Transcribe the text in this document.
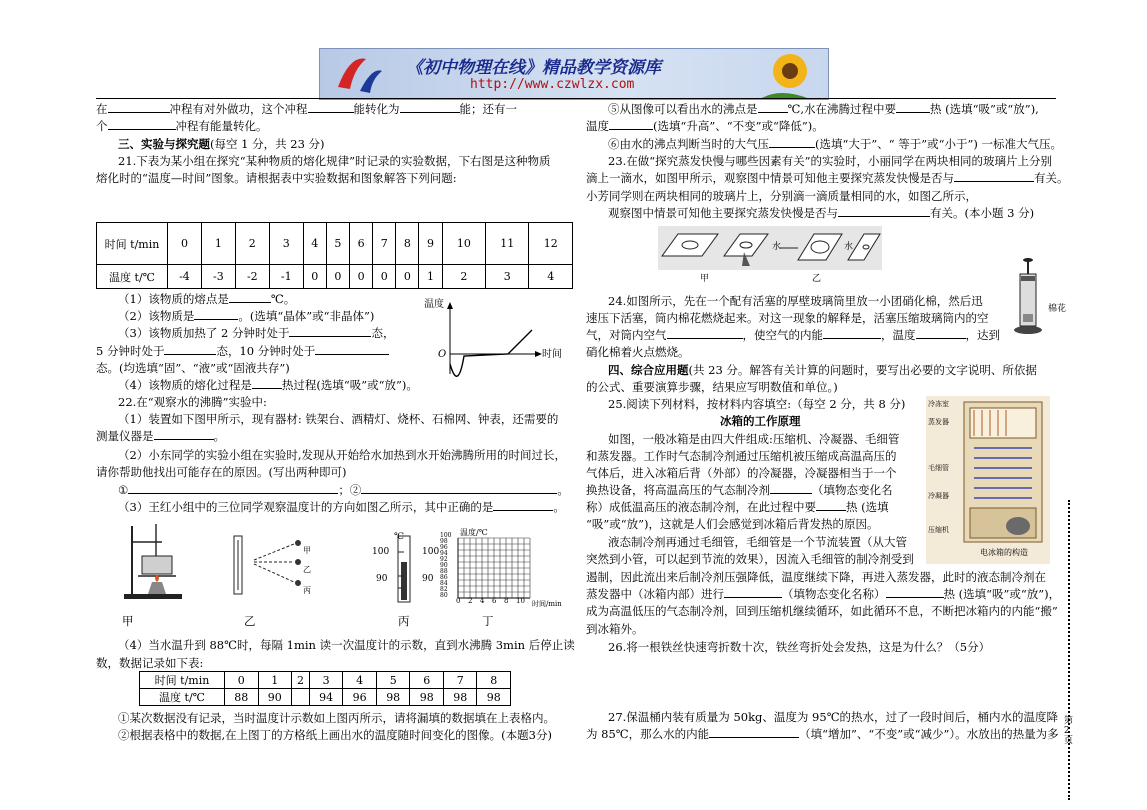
《初中物理在线》精品教学资源库
http://www.czwlzx.com
在	冲程有对外做功，这个冲程	能转化为	能；还有一
个	冲程有能量转化。
三、实验与探究题(每空 1 分，共 23 分)
21.下表为某小组在探究“某种物质的熔化规律”时记录的实验数据，下右图是这种物质
熔化时的“温度—时间”图象。请根据表中实验数据和图象解答下列问题:
时间 t/min	0	1	2	3	4	5	6	7	8	9	10	11	12
温度 t/℃	-4	-3	-2	-1	0	0	0	0	0	1	2	3	4
（1）该物质的熔点是	℃。
（2）该物质是	。(选填“晶体”或“非晶体”)
（3）该物质加热了 2 分钟时处于	态，
5 分钟时处于	态，10 分钟时处于
态。(均选填“固”、“液”或“固液共存”)
（4）该物质的熔化过程是	热过程(选填“吸”或“放”)。
温度
时间
O
22.在“观察水的沸腾”实验中:
（1）装置如下图甲所示，现有器材: 铁架台、酒精灯、烧杯、石棉网、钟表，还需要的
测量仪器是	。
（2）小东同学的实验小组在实验时,发现从开始给水加热到水开始沸腾所用的时间过长，
请你帮助他找出可能存在的原因。(写出两种即可)
①	；②	。
（3）王红小组中的三位同学观察温度计的方向如图乙所示，其中正确的是	。
甲
乙
丙
℃
100	100
90	90
温度/℃
时间/min
100
98
96
94
92
90
88
86
84
82
80
0 2 4 6 8 10
甲	乙	丙	丁
（4）当水温升到 88℃时，每隔 1min 读一次温度计的示数，直到水沸腾 3min 后停止读
数，数据记录如下表:
时间 t/min	0	1	2	3	4	5	6	7	8
温度 t/℃	88	90		94	96	98	98	98	98
①某次数据没有记录，当时温度计示数如上图丙所示，请将漏填的数据填在上表格内。
②根据表格中的数据,在上图丁的方格纸上画出水的温度随时间变化的图像。(本题3分)
⑤从图像可以看出水的沸点是	℃,水在沸腾过程中要	热 (选填“吸”或“放”),
温度	(选填“升高”、“不变”或“降低”)。
⑥由水的沸点判断当时的大气压	(选填“大于”、“ 等于”或“小于”) 一标准大气压。
23.在做“探究蒸发快慢与哪些因素有关”的实验时，小丽同学在两块相同的玻璃片上分别
滴上一滴水，如图甲所示，观察图中情景可知他主要探究蒸发快慢是否与	有关。
小芳同学则在两块相同的玻璃片上，分别滴一滴质量相同的水，如图乙所示，
观察图中情景可知他主要探究蒸发快慢是否与	有关。(本小题 3 分)
水	水
甲	乙
棉花
24.如图所示，先在一个配有活塞的厚壁玻璃筒里放一小团硝化棉，然后迅
速压下活塞，筒内棉花燃烧起来。对这一现象的解释是，活塞压缩玻璃筒内的空
气，对筒内空气	，使空气的内能	，温度	，达到
硝化棉着火点燃烧。
四、综合应用题(共 23 分。解答有关计算的问题时，要写出必要的文字说明、所依据
的公式、重要演算步骤，结果应写明数值和单位。)
25.阅读下列材料，按材料内容填空:（每空 2 分，共 8 分)
冰箱的工作原理
如图，一般冰箱是由四大件组成:压缩机、冷凝器、毛细管
和蒸发器。工作时气态制冷剂通过压缩机被压缩成高温高压的
气体后，进入冰箱后背（外部）的冷凝器，冷凝器相当于一个
换热设备，将高温高压的气态制冷剂	（填物态变化名
称）成低温高压的液态制冷剂，在此过程中要	热 (选填
“吸”或“放”)，这就是人们会感觉到冰箱后背发热的原因。
液态制冷剂再通过毛细管，毛细管是一个节流装置（从大管
突然到小管，可以起到节流的效果），因流入毛细管的制冷剂受到
遏制，因此流出来后制冷剂压强降低，温度继续下降，再进入蒸发器，此时的液态制冷剂在
蒸发器中（冰箱内部）进行	（填物态变化名称）	热 (选填“吸”或“放”)，
成为高温低压的气态制冷剂，回到压缩机继续循环，如此循环不息，不断把冰箱内的内能“搬”
到冰箱外。
冷冻室
蒸发器
毛细管
冷凝器
压缩机
电冰箱的构造
26.将一根铁丝快速弯折数十次，铁丝弯折处会发热，这是为什么？（5分）
27.保温桶内装有质量为 50kg、温度为 95℃的热水，过了一段时间后，桶内水的温度降
为 85℃，那么水的内能	（填“增加”、“不变”或“减少”）。水放出的热量为多
第2页
